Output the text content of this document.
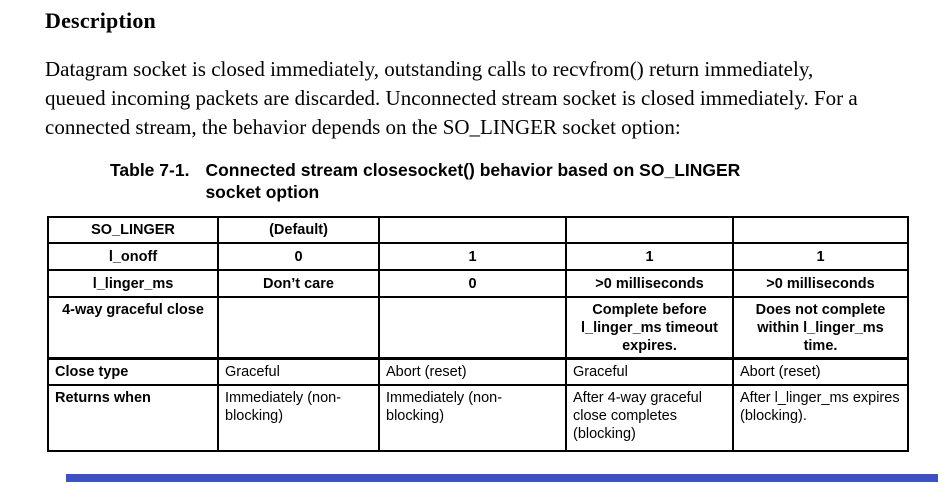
Description

Datagram socket is closed immediately, outstanding calls to recvfrom() return immediately, queued incoming packets are discarded. Unconnected stream socket is closed immediately. For a connected stream, the behavior depends on the SO_LINGER socket option:

Table 7-1. Connected stream closesocket() behavior based on SO_LINGER socket option
SO_LINGER	(Default)			
l_onoff	0	1	1	1
l_linger_ms	Don’t care	0	>0 milliseconds	>0 milliseconds
4-way graceful close			Complete before l_linger_ms timeout expires.	Does not complete within l_linger_ms time.
Close type	Graceful	Abort (reset)	Graceful	Abort (reset)
Returns when	Immediately (non-blocking)	Immediately (non-blocking)	After 4-way graceful close completes (blocking)	After l_linger_ms expires (blocking).
